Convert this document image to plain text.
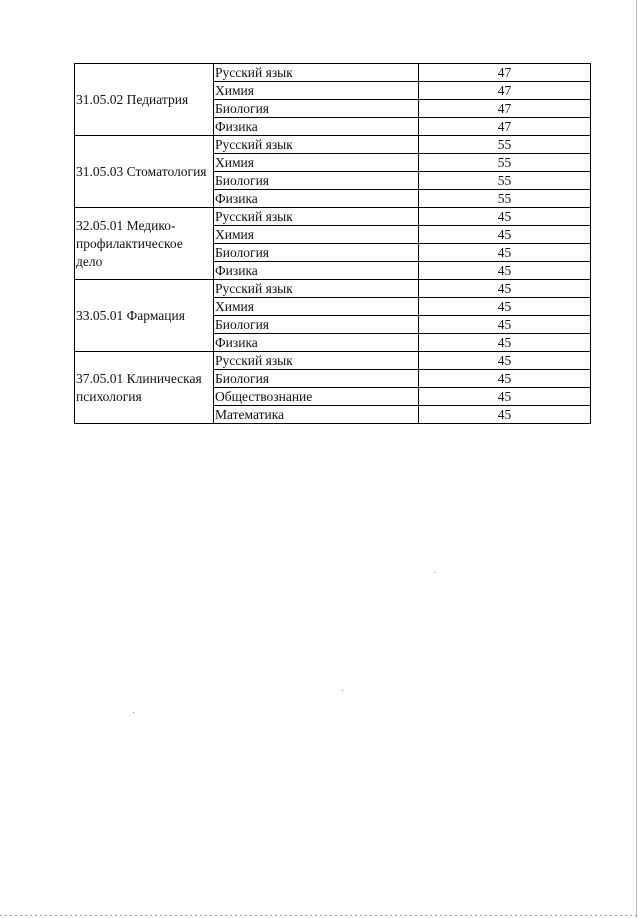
31.05.02 Педиатрия	Русский язык	47
	Химия	47
	Биология	47
	Физика	47
31.05.03 Стоматология	Русский язык	55
	Химия	55
	Биология	55
	Физика	55
32.05.01 Медико-профилактическое дело	Русский язык	45
	Химия	45
	Биология	45
	Физика	45
33.05.01 Фармация	Русский язык	45
	Химия	45
	Биология	45
	Физика	45
37.05.01 Клиническая психология	Русский язык	45
	Биология	45
	Обществознание	45
	Математика	45
